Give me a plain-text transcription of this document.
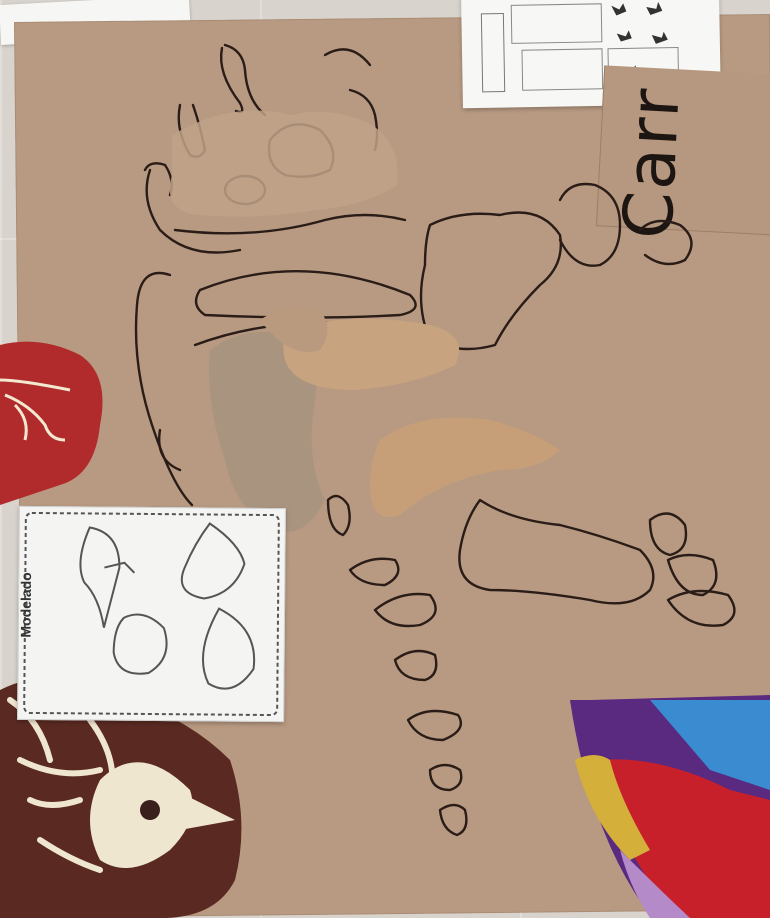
Carr
Modelado
